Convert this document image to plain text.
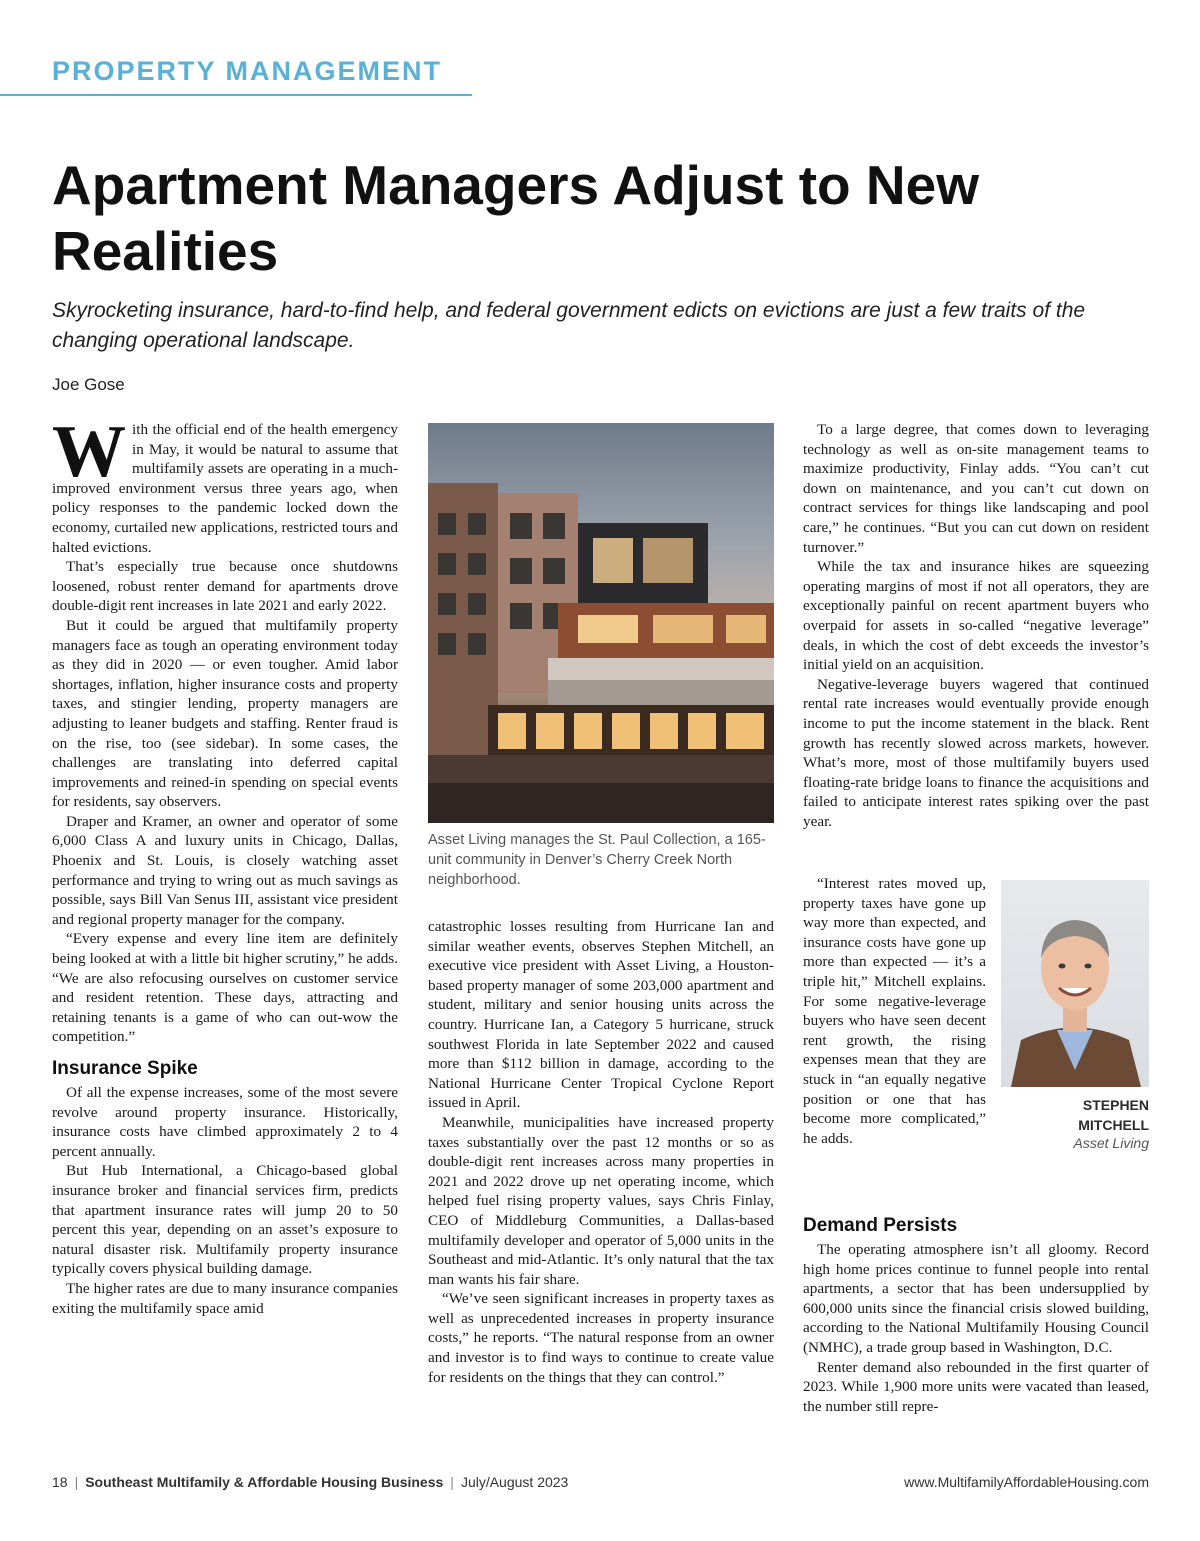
PROPERTY MANAGEMENT
Apartment Managers Adjust to New Realities
Skyrocketing insurance, hard-to-find help, and federal government edicts on evictions are just a few traits of the changing operational landscape.
Joe Gose

With the official end of the health emergency in May, it would be natural to assume that multifamily assets are operating in a much-improved environment versus three years ago, when policy responses to the pandemic locked down the economy, curtailed new applications, restricted tours and halted evictions.

That’s especially true because once shutdowns loosened, robust renter demand for apartments drove double-digit rent increases in late 2021 and early 2022.

But it could be argued that multifamily property managers face as tough an operating environment today as they did in 2020 — or even tougher. Amid labor shortages, inflation, higher insurance costs and property taxes, and stingier lending, property managers are adjusting to leaner budgets and staffing. Renter fraud is on the rise, too (see sidebar). In some cases, the challenges are translating into deferred capital improvements and reined-in spending on special events for residents, say observers.

Draper and Kramer, an owner and operator of some 6,000 Class A and luxury units in Chicago, Dallas, Phoenix and St. Louis, is closely watching asset performance and trying to wring out as much savings as possible, says Bill Van Senus III, assistant vice president and regional property manager for the company.

“Every expense and every line item are definitely being looked at with a little bit higher scrutiny,” he adds. “We are also refocusing ourselves on customer service and resident retention. These days, attracting and retaining tenants is a game of who can out-wow the competition.”

Insurance Spike

Of all the expense increases, some of the most severe revolve around property insurance. Historically, insurance costs have climbed approximately 2 to 4 percent annually.

But Hub International, a Chicago-based global insurance broker and financial services firm, predicts that apartment insurance rates will jump 20 to 50 percent this year, depending on an asset’s exposure to natural disaster risk. Multifamily property insurance typically covers physical building damage.

The higher rates are due to many insurance companies exiting the multifamily space amid

Asset Living manages the St. Paul Collection, a 165-unit community in Denver’s Cherry Creek North neighborhood.

catastrophic losses resulting from Hurricane Ian and similar weather events, observes Stephen Mitchell, an executive vice president with Asset Living, a Houston-based property manager of some 203,000 apartment and student, military and senior housing units across the country. Hurricane Ian, a Category 5 hurricane, struck southwest Florida in late September 2022 and caused more than $112 billion in damage, according to the National Hurricane Center Tropical Cyclone Report issued in April.

Meanwhile, municipalities have increased property taxes substantially over the past 12 months or so as double-digit rent increases across many properties in 2021 and 2022 drove up net operating income, which helped fuel rising property values, says Chris Finlay, CEO of Middleburg Communities, a Dallas-based multifamily developer and operator of 5,000 units in the Southeast and mid-Atlantic. It’s only natural that the tax man wants his fair share.

“We’ve seen significant increases in property taxes as well as unprecedented increases in property insurance costs,” he reports. “The natural response from an owner and investor is to find ways to continue to create value for residents on the things that they can control.”

To a large degree, that comes down to leveraging technology as well as on-site management teams to maximize productivity, Finlay adds. “You can’t cut down on maintenance, and you can’t cut down on contract services for things like landscaping and pool care,” he continues. “But you can cut down on resident turnover.”

While the tax and insurance hikes are squeezing operating margins of most if not all operators, they are exceptionally painful on recent apartment buyers who overpaid for assets in so-called “negative leverage” deals, in which the cost of debt exceeds the investor’s initial yield on an acquisition.

Negative-leverage buyers wagered that continued rental rate increases would eventually provide enough income to put the income statement in the black. Rent growth has recently slowed across markets, however. What’s more, most of those multifamily buyers used floating-rate bridge loans to finance the acquisitions and failed to anticipate interest rates spiking over the past year.

“Interest rates moved up, property taxes have gone up way more than expected, and insurance costs have gone up more than expected — it’s a triple hit,” Mitchell explains. For some negative-leverage buyers who have seen decent rent growth, the rising expenses mean that they are stuck in “an equally negative position or one that has become more complicated,” he adds.

Demand Persists

The operating atmosphere isn’t all gloomy. Record high home prices continue to funnel people into rental apartments, a sector that has been undersupplied by 600,000 units since the financial crisis slowed building, according to the National Multifamily Housing Council (NMHC), a trade group based in Washington, D.C.

Renter demand also rebounded in the first quarter of 2023. While 1,900 more units were vacated than leased, the number still repre-

STEPHEN
MITCHELL
Asset Living
18 | Southeast Multifamily & Affordable Housing Business | July/August 2023	www.MultifamilyAffordableHousing.com
